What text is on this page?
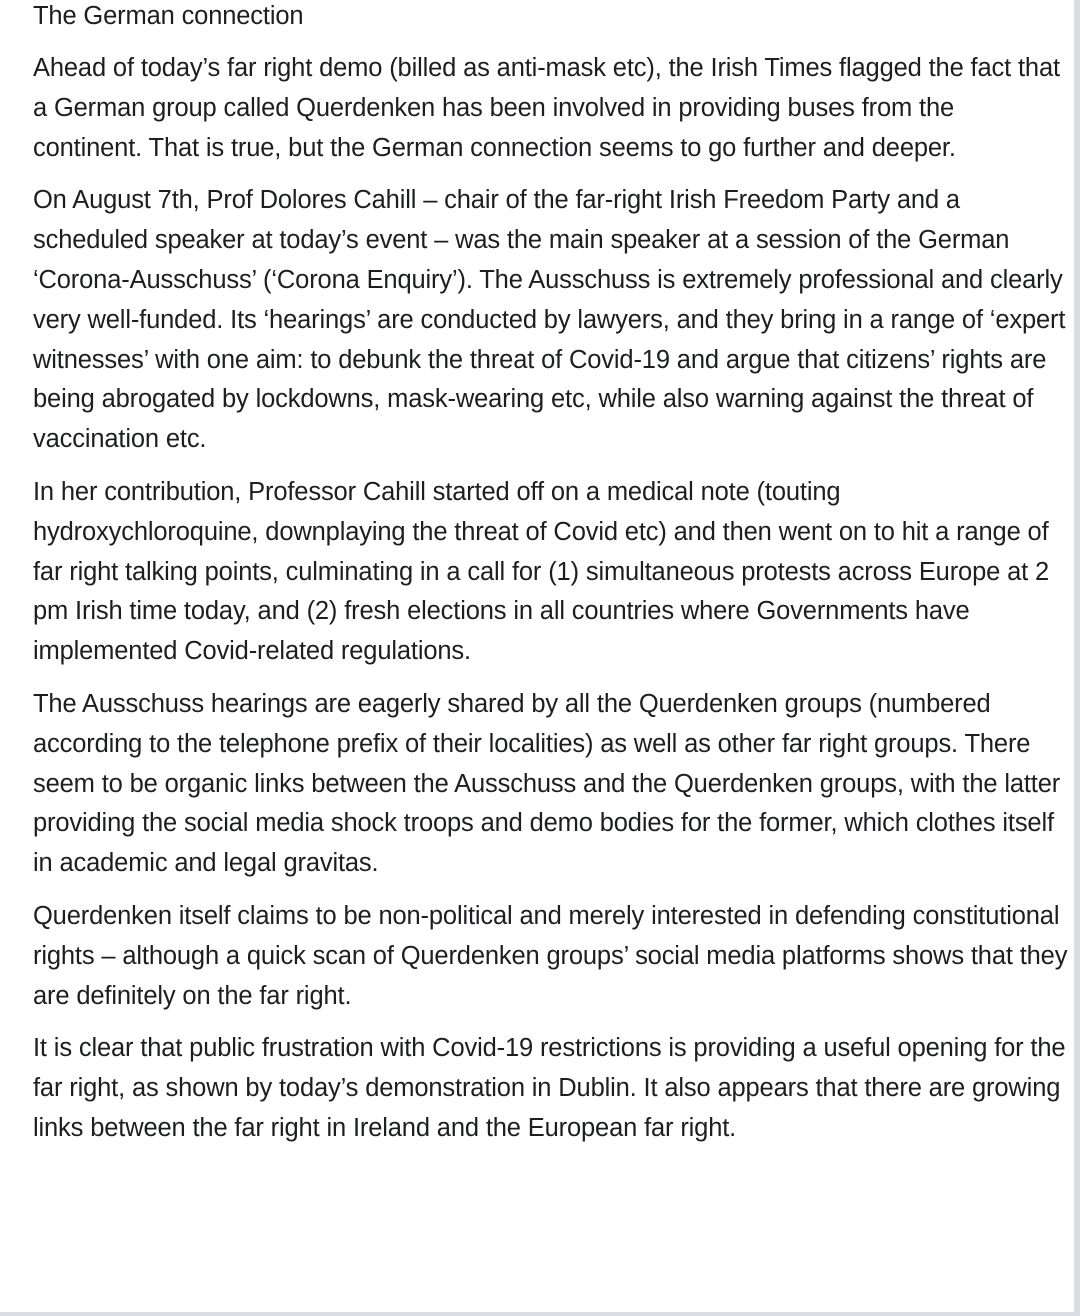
The German connection

Ahead of today’s far right demo (billed as anti-mask etc), the Irish Times flagged the fact that a German group called Querdenken has been involved in providing buses from the continent. That is true, but the German connection seems to go further and deeper.

On August 7th, Prof Dolores Cahill – chair of the far-right Irish Freedom Party and a scheduled speaker at today’s event – was the main speaker at a session of the German ‘Corona-Ausschuss’ (‘Corona Enquiry’). The Ausschuss is extremely professional and clearly very well-funded. Its ‘hearings’ are conducted by lawyers, and they bring in a range of ‘expert witnesses’ with one aim: to debunk the threat of Covid-19 and argue that citizens’ rights are being abrogated by lockdowns, mask-wearing etc, while also warning against the threat of vaccination etc.

In her contribution, Professor Cahill started off on a medical note (touting hydroxychloroquine, downplaying the threat of Covid etc) and then went on to hit a range of far right talking points, culminating in a call for (1) simultaneous protests across Europe at 2 pm Irish time today, and (2) fresh elections in all countries where Governments have implemented Covid-related regulations.

The Ausschuss hearings are eagerly shared by all the Querdenken groups (numbered according to the telephone prefix of their localities) as well as other far right groups. There seem to be organic links between the Ausschuss and the Querdenken groups, with the latter providing the social media shock troops and demo bodies for the former, which clothes itself in academic and legal gravitas.

Querdenken itself claims to be non-political and merely interested in defending constitutional rights – although a quick scan of Querdenken groups’ social media platforms shows that they are definitely on the far right.

It is clear that public frustration with Covid-19 restrictions is providing a useful opening for the far right, as shown by today’s demonstration in Dublin. It also appears that there are growing links between the far right in Ireland and the European far right.
